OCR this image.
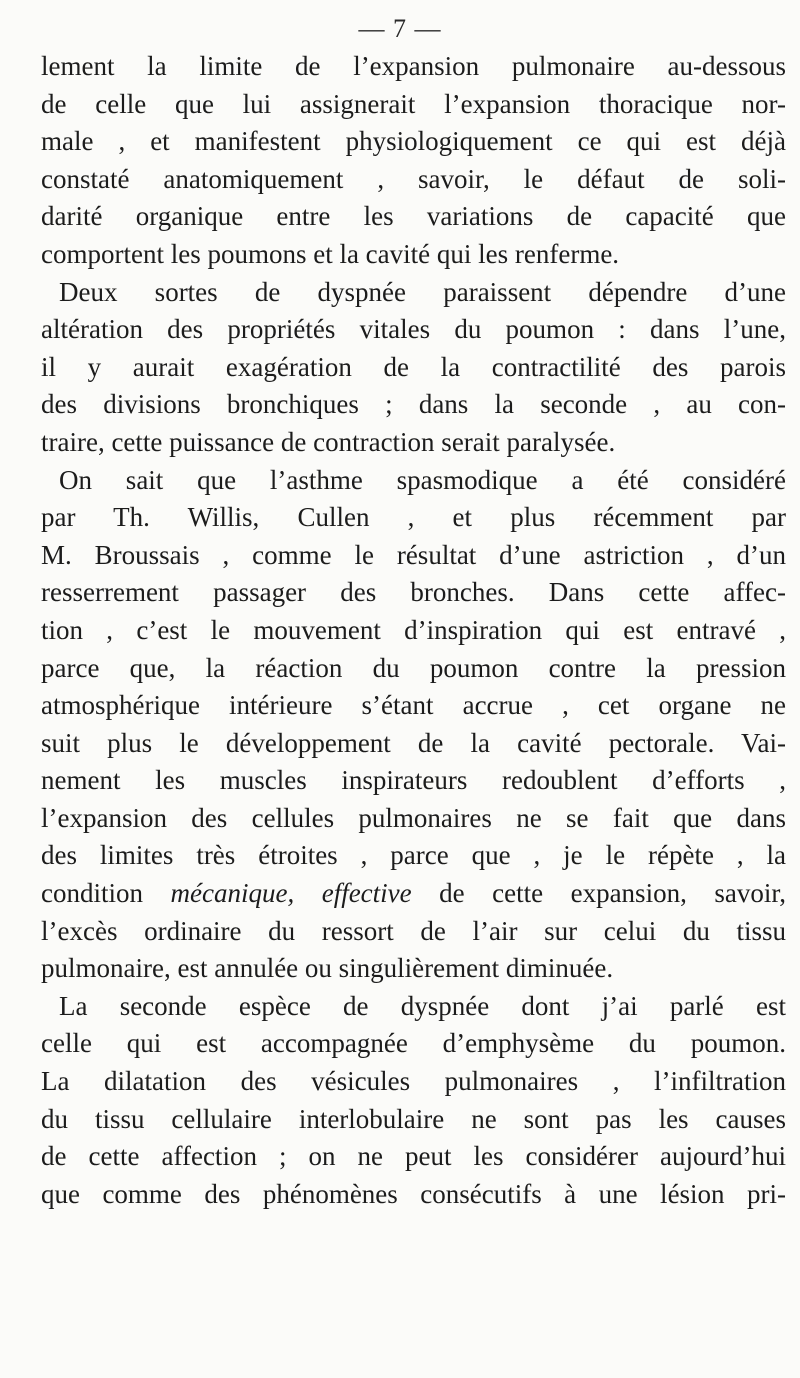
— 7 —
lement la limite de l’expansion pulmonaire au-dessous
de celle que lui assignerait l’expansion thoracique nor-
male , et manifestent physiologiquement ce qui est déjà
constaté anatomiquement , savoir, le défaut de soli-
darité organique entre les variations de capacité que
comportent les poumons et la cavité qui les renferme.
Deux sortes de dyspnée paraissent dépendre d’une
altération des propriétés vitales du poumon : dans l’une,
il y aurait exagération de la contractilité des parois
des divisions bronchiques ; dans la seconde , au con-
traire, cette puissance de contraction serait paralysée.
On sait que l’asthme spasmodique a été considéré
par Th. Willis, Cullen , et plus récemment par
M. Broussais , comme le résultat d’une astriction , d’un
resserrement passager des bronches. Dans cette affec-
tion , c’est le mouvement d’inspiration qui est entravé ,
parce que, la réaction du poumon contre la pression
atmosphérique intérieure s’étant accrue , cet organe ne
suit plus le développement de la cavité pectorale. Vai-
nement les muscles inspirateurs redoublent d’efforts ,
l’expansion des cellules pulmonaires ne se fait que dans
des limites très étroites , parce que , je le répète , la
condition mécanique, effective de cette expansion, savoir,
l’excès ordinaire du ressort de l’air sur celui du tissu
pulmonaire, est annulée ou singulièrement diminuée.
La seconde espèce de dyspnée dont j’ai parlé est
celle qui est accompagnée d’emphysème du poumon.
La dilatation des vésicules pulmonaires , l’infiltration
du tissu cellulaire interlobulaire ne sont pas les causes
de cette affection ; on ne peut les considérer aujourd’hui
que comme des phénomènes consécutifs à une lésion pri-
